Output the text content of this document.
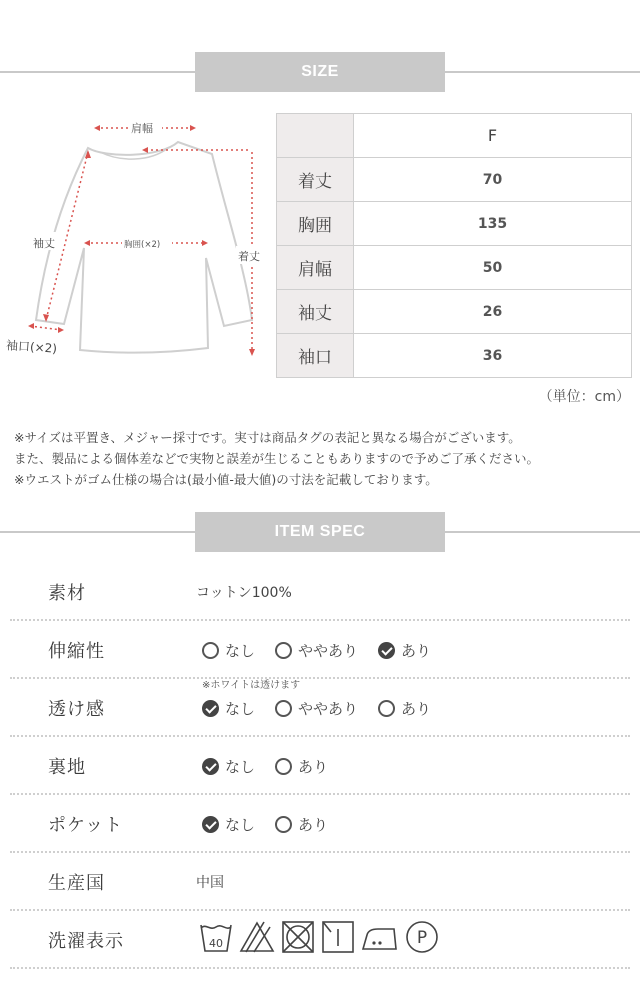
SIZE
肩幅
着丈
袖丈	胸囲(×2)
袖口(×2)
	F
着丈	70
胸囲	135
肩幅	50
袖丈	26
袖口	36
（単位：cm）
※サイズは平置き、メジャー採寸です。実寸は商品タグの表記と異なる場合がございます。
また、製品による個体差などで実物と誤差が生じることもありますので予めご了承ください。
※ウエストがゴム仕様の場合は(最小値-最大値)の寸法を記載しております。
ITEM SPEC
素材	コットン100%
伸縮性	なし	ややあり	あり
※ホワイトは透けます
透け感	なし	ややあり	あり
裏地	なし	あり
ポケット	なし	あり
生産国	中国
洗濯表示	40	P
